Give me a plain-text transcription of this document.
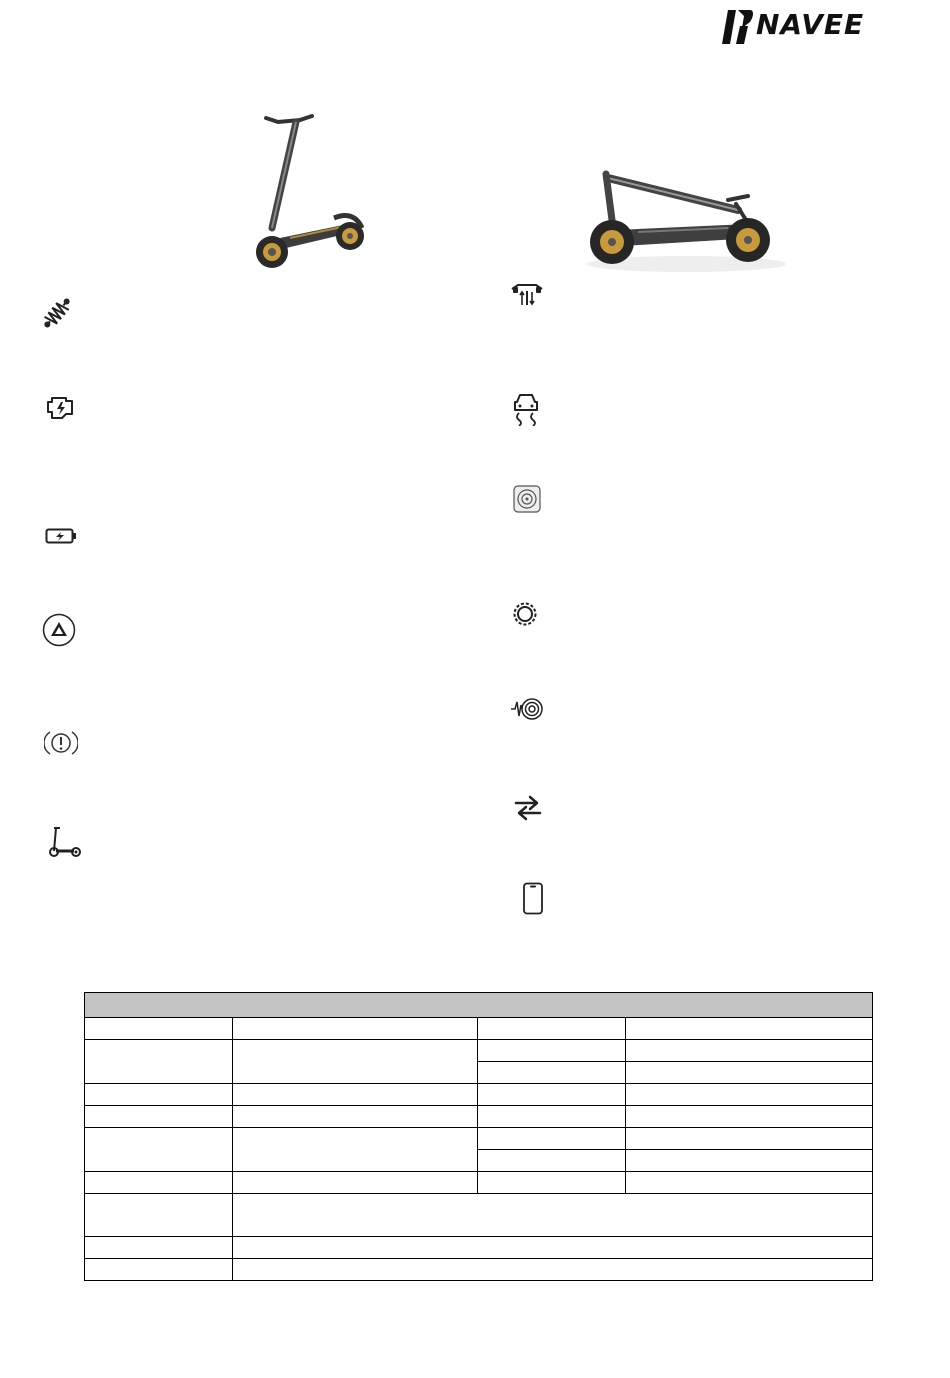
NAVEE
